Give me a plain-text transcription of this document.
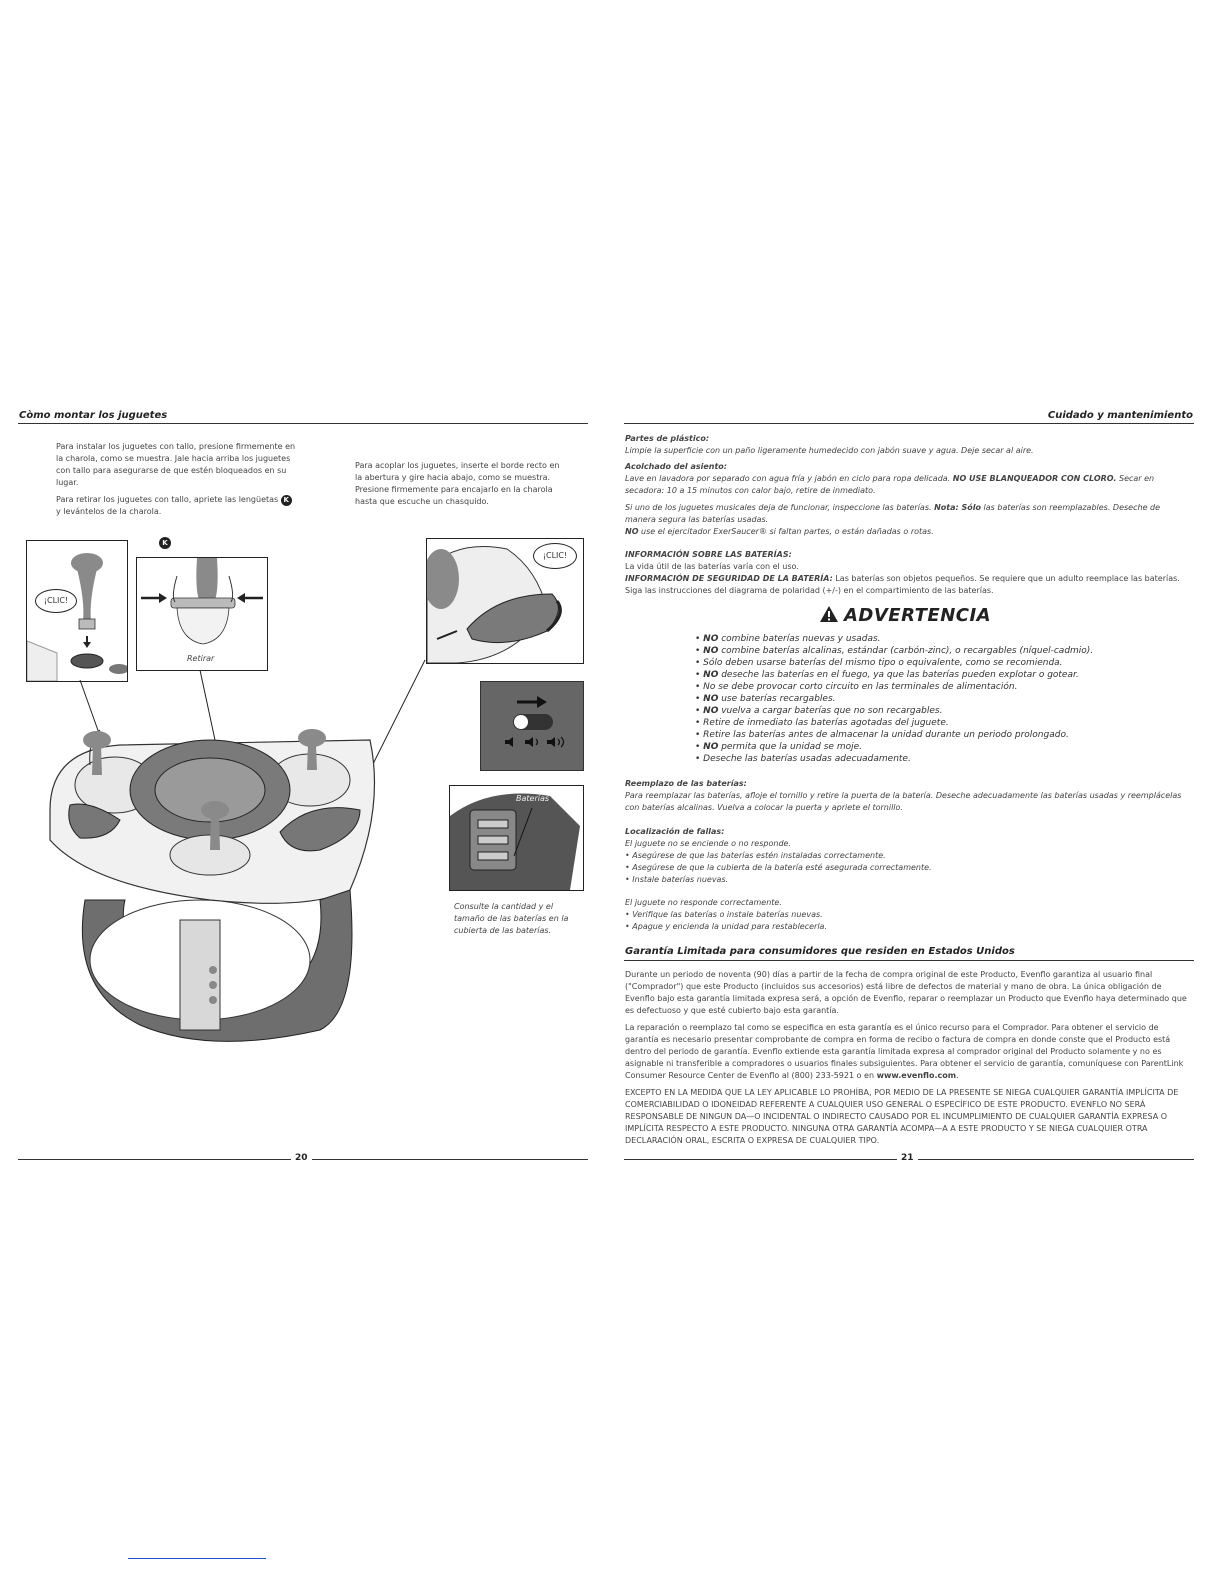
Còmo montar los juguetes
Para instalar los juguetes con tallo, presione firmemente en la charola, como se muestra. Jale hacia arriba los juguetes con tallo para asegurarse de que estén bloqueados en su lugar.
Para retirar los juguetes con tallo, apriete las lengüetas K y levántelos de la charola.
Para acoplar los juguetes, inserte el borde recto en la abertura y gire hacia abajo, como se muestra. Presione firmemente para encajarlo en la charola hasta que escuche un chasquido.
¡CLIC!
K
Retirar
¡CLIC!
Baterías
Consulte la cantidad y el tamaño de las baterías en la cubierta de las baterías.
20
Cuidado y mantenimiento
Partes de plástico:
Limpie la superficie con un paño ligeramente humedecido con jabón suave y agua. Deje secar al aire.
Acolchado del asiento:
Lave en lavadora por separado con agua fría y jabón en ciclo para ropa delicada. NO USE BLANQUEADOR CON CLORO. Secar en secadora: 10 a 15 minutos con calor bajo, retire de inmediato.
Si uno de los juguetes musicales deja de funcionar, inspeccione las baterías. Nota: Sólo las baterías son reemplazables. Deseche de manera segura las baterías usadas.
NO use el ejercitador ExerSaucer® si faltan partes, o están dañadas o rotas.
INFORMACIÓN SOBRE LAS BATERÍAS:
La vida útil de las baterías varía con el uso.
INFORMACIÓN DE SEGURIDAD DE LA BATERÍA: Las baterías son objetos pequeños. Se requiere que un adulto reemplace las baterías. Siga las instrucciones del diagrama de polaridad (+/-) en el compartimiento de las baterías.
ADVERTENCIA
• NO combine baterías nuevas y usadas.
• NO combine baterías alcalinas, estándar (carbón-zinc), o recargables (níquel-cadmio).
• Sólo deben usarse baterías del mismo tipo o equivalente, como se recomienda.
• NO deseche las baterías en el fuego, ya que las baterías pueden explotar o gotear.
• No se debe provocar corto circuito en las terminales de alimentación.
• NO use baterías recargables.
• NO vuelva a cargar baterías que no son recargables.
• Retire de inmediato las baterías agotadas del juguete.
• Retire las baterías antes de almacenar la unidad durante un periodo prolongado.
• NO permita que la unidad se moje.
• Deseche las baterías usadas adecuadamente.
Reemplazo de las baterías:
Para reemplazar las baterías, afloje el tornillo y retire la puerta de la batería. Deseche adecuadamente las baterías usadas y reemplácelas con baterías alcalinas. Vuelva a colocar la puerta y apriete el tornillo.
Localización de fallas:
El juguete no se enciende o no responde.
• Asegúrese de que las baterías estén instaladas correctamente.
• Asegúrese de que la cubierta de la batería esté asegurada correctamente.
• Instale baterías nuevas.
El juguete no responde correctamente.
• Verifique las baterías o instale baterías nuevas.
• Apague y encienda la unidad para restablecerla.
Garantía Limitada para consumidores que residen en Estados Unidos

Durante un periodo de noventa (90) días a partir de la fecha de compra original de este Producto, Evenflo garantiza al usuario final ("Comprador") que este Producto (incluidos sus accesorios) está libre de defectos de material y mano de obra. La única obligación de Evenflo bajo esta garantía limitada expresa será, a opción de Evenflo, reparar o reemplazar un Producto que Evenflo haya determinado que es defectuoso y que esté cubierto bajo esta garantía.

La reparación o reemplazo tal como se especifica en esta garantía es el único recurso para el Comprador. Para obtener el servicio de garantía es necesario presentar comprobante de compra en forma de recibo o factura de compra en donde conste que el Producto está dentro del periodo de garantía. Evenflo extiende esta garantía limitada expresa al comprador original del Producto solamente y no es asignable ni transferible a compradores o usuarios finales subsiguientes. Para obtener el servicio de garantía, comuníquese con ParentLink Consumer Resource Center de Evenflo al (800) 233-5921 o en www.evenflo.com.

EXCEPTO EN LA MEDIDA QUE LA LEY APLICABLE LO PROHÍBA, POR MEDIO DE LA PRESENTE SE NIEGA CUALQUIER GARANTÍA IMPLÍCITA DE COMERCIABILIDAD O IDONEIDAD REFERENTE A CUALQUIER USO GENERAL O ESPECÍFICO DE ESTE PRODUCTO. EVENFLO NO SERÁ RESPONSABLE DE NINGUN DA—O INCIDENTAL O INDIRECTO CAUSADO POR EL INCUMPLIMIENTO DE CUALQUIER GARANTÍA EXPRESA O IMPLÍCITA RESPECTO A ESTE PRODUCTO. NINGUNA OTRA GARANTÍA ACOMPA—A A ESTE PRODUCTO Y SE NIEGA CUALQUIER OTRA DECLARACIÓN ORAL, ESCRITA O EXPRESA DE CUALQUIER TIPO.

21
